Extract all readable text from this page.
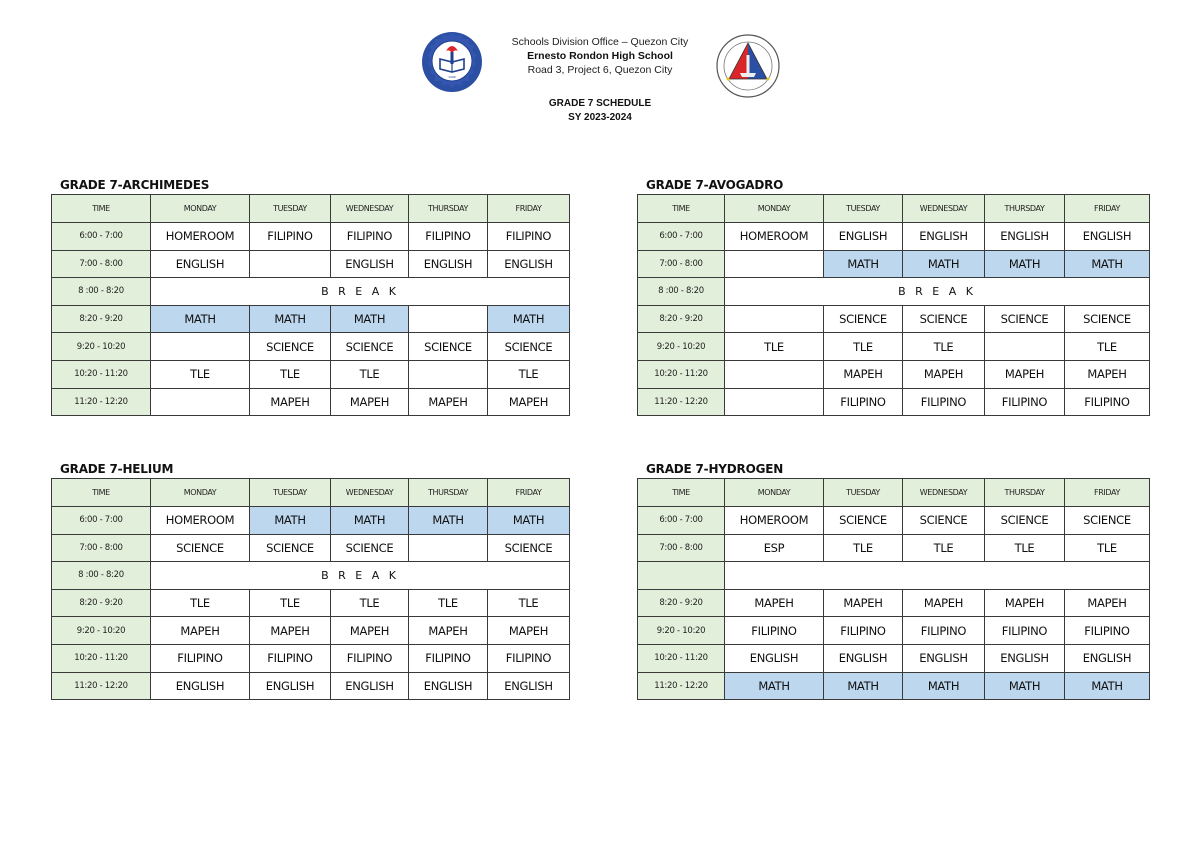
1996
Schools Division Office – Quezon City
Ernesto Rondon High School
Road 3, Project 6, Quezon City
GRADE 7 SCHEDULE
SY 2023-2024
GRADE 7-ARCHIMEDES
TIME	MONDAY	TUESDAY	WEDNESDAY	THURSDAY	FRIDAY
6:00 - 7:00	HOMEROOM	FILIPINO	FILIPINO	FILIPINO	FILIPINO
7:00 - 8:00	ENGLISH		ENGLISH	ENGLISH	ENGLISH
8 :00 - 8:20	B R E A K				
8:20 - 9:20	MATH	MATH	MATH		MATH
9:20 - 10:20		SCIENCE	SCIENCE	SCIENCE	SCIENCE
10:20 - 11:20	TLE	TLE	TLE		TLE
11:20 - 12:20		MAPEH	MAPEH	MAPEH	MAPEH
GRADE 7-AVOGADRO
TIME	MONDAY	TUESDAY	WEDNESDAY	THURSDAY	FRIDAY
6:00 - 7:00	HOMEROOM	ENGLISH	ENGLISH	ENGLISH	ENGLISH
7:00 - 8:00		MATH	MATH	MATH	MATH
8 :00 - 8:20	B R E A K				
8:20 - 9:20		SCIENCE	SCIENCE	SCIENCE	SCIENCE
9:20 - 10:20	TLE	TLE	TLE		TLE
10:20 - 11:20		MAPEH	MAPEH	MAPEH	MAPEH
11:20 - 12:20		FILIPINO	FILIPINO	FILIPINO	FILIPINO
GRADE 7-HELIUM
TIME	MONDAY	TUESDAY	WEDNESDAY	THURSDAY	FRIDAY
6:00 - 7:00	HOMEROOM	MATH	MATH	MATH	MATH
7:00 - 8:00	SCIENCE	SCIENCE	SCIENCE		SCIENCE
8 :00 - 8:20	B R E A K				
8:20 - 9:20	TLE	TLE	TLE	TLE	TLE
9:20 - 10:20	MAPEH	MAPEH	MAPEH	MAPEH	MAPEH
10:20 - 11:20	FILIPINO	FILIPINO	FILIPINO	FILIPINO	FILIPINO
11:20 - 12:20	ENGLISH	ENGLISH	ENGLISH	ENGLISH	ENGLISH
GRADE 7-HYDROGEN
TIME	MONDAY	TUESDAY	WEDNESDAY	THURSDAY	FRIDAY
6:00 - 7:00	HOMEROOM	SCIENCE	SCIENCE	SCIENCE	SCIENCE
7:00 - 8:00	ESP	TLE	TLE	TLE	TLE

8:20 - 9:20	MAPEH	MAPEH	MAPEH	MAPEH	MAPEH
9:20 - 10:20	FILIPINO	FILIPINO	FILIPINO	FILIPINO	FILIPINO
10:20 - 11:20	ENGLISH	ENGLISH	ENGLISH	ENGLISH	ENGLISH
11:20 - 12:20	MATH	MATH	MATH	MATH	MATH
